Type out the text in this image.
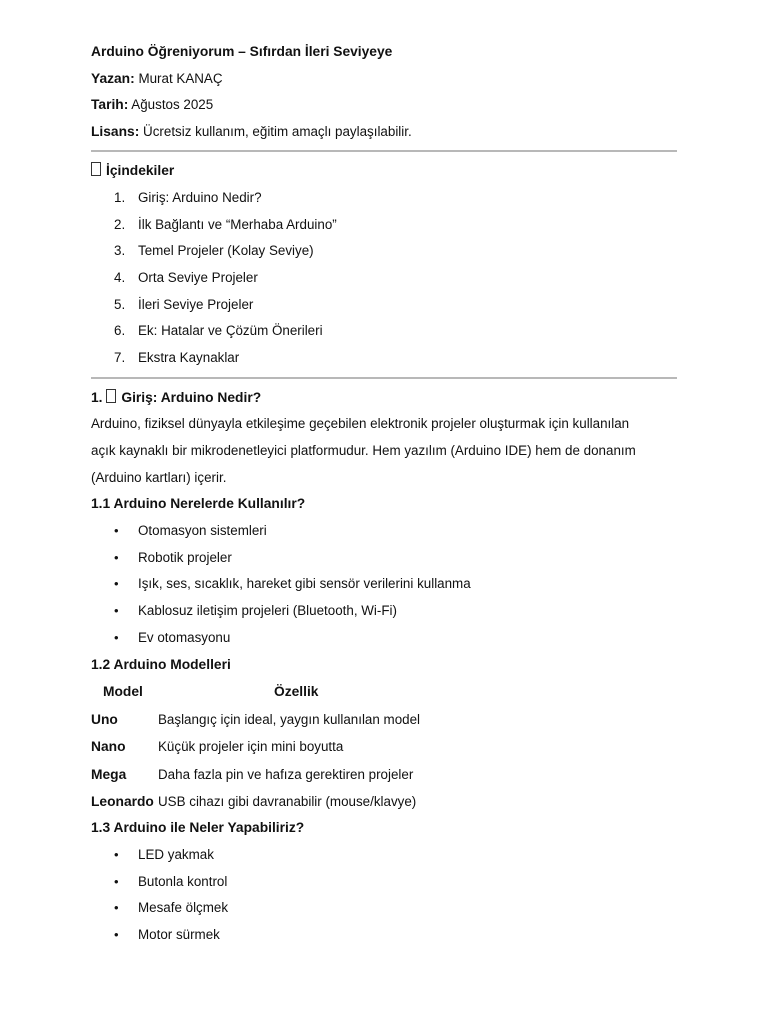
Arduino Öğreniyorum – Sıfırdan İleri Seviyeye
Yazan: Murat KANAÇ
Tarih: Ağustos 2025
Lisans: Ücretsiz kullanım, eğitim amaçlı paylaşılabilir.
İçindekiler
1. Giriş: Arduino Nedir?
2. İlk Bağlantı ve “Merhaba Arduino”
3. Temel Projeler (Kolay Seviye)
4. Orta Seviye Projeler
5. İleri Seviye Projeler
6. Ek: Hatalar ve Çözüm Önerileri
7. Ekstra Kaynaklar
1. Giriş: Arduino Nedir?
Arduino, fiziksel dünyayla etkileşime geçebilen elektronik projeler oluşturmak için kullanılan
açık kaynaklı bir mikrodenetleyici platformudur. Hem yazılım (Arduino IDE) hem de donanım
(Arduino kartları) içerir.
1.1 Arduino Nerelerde Kullanılır?
• Otomasyon sistemleri
• Robotik projeler
• Işık, ses, sıcaklık, hareket gibi sensör verilerini kullanma
• Kablosuz iletişim projeleri (Bluetooth, Wi-Fi)
• Ev otomasyonu
1.2 Arduino Modelleri
Model	Özellik
Uno	Başlangıç için ideal, yaygın kullanılan model
Nano Küçük projeler için mini boyutta
Mega Daha fazla pin ve hafıza gerektiren projeler
Leonardo USB cihazı gibi davranabilir (mouse/klavye)
1.3 Arduino ile Neler Yapabiliriz?
• LED yakmak
• Butonla kontrol
• Mesafe ölçmek
• Motor sürmek
